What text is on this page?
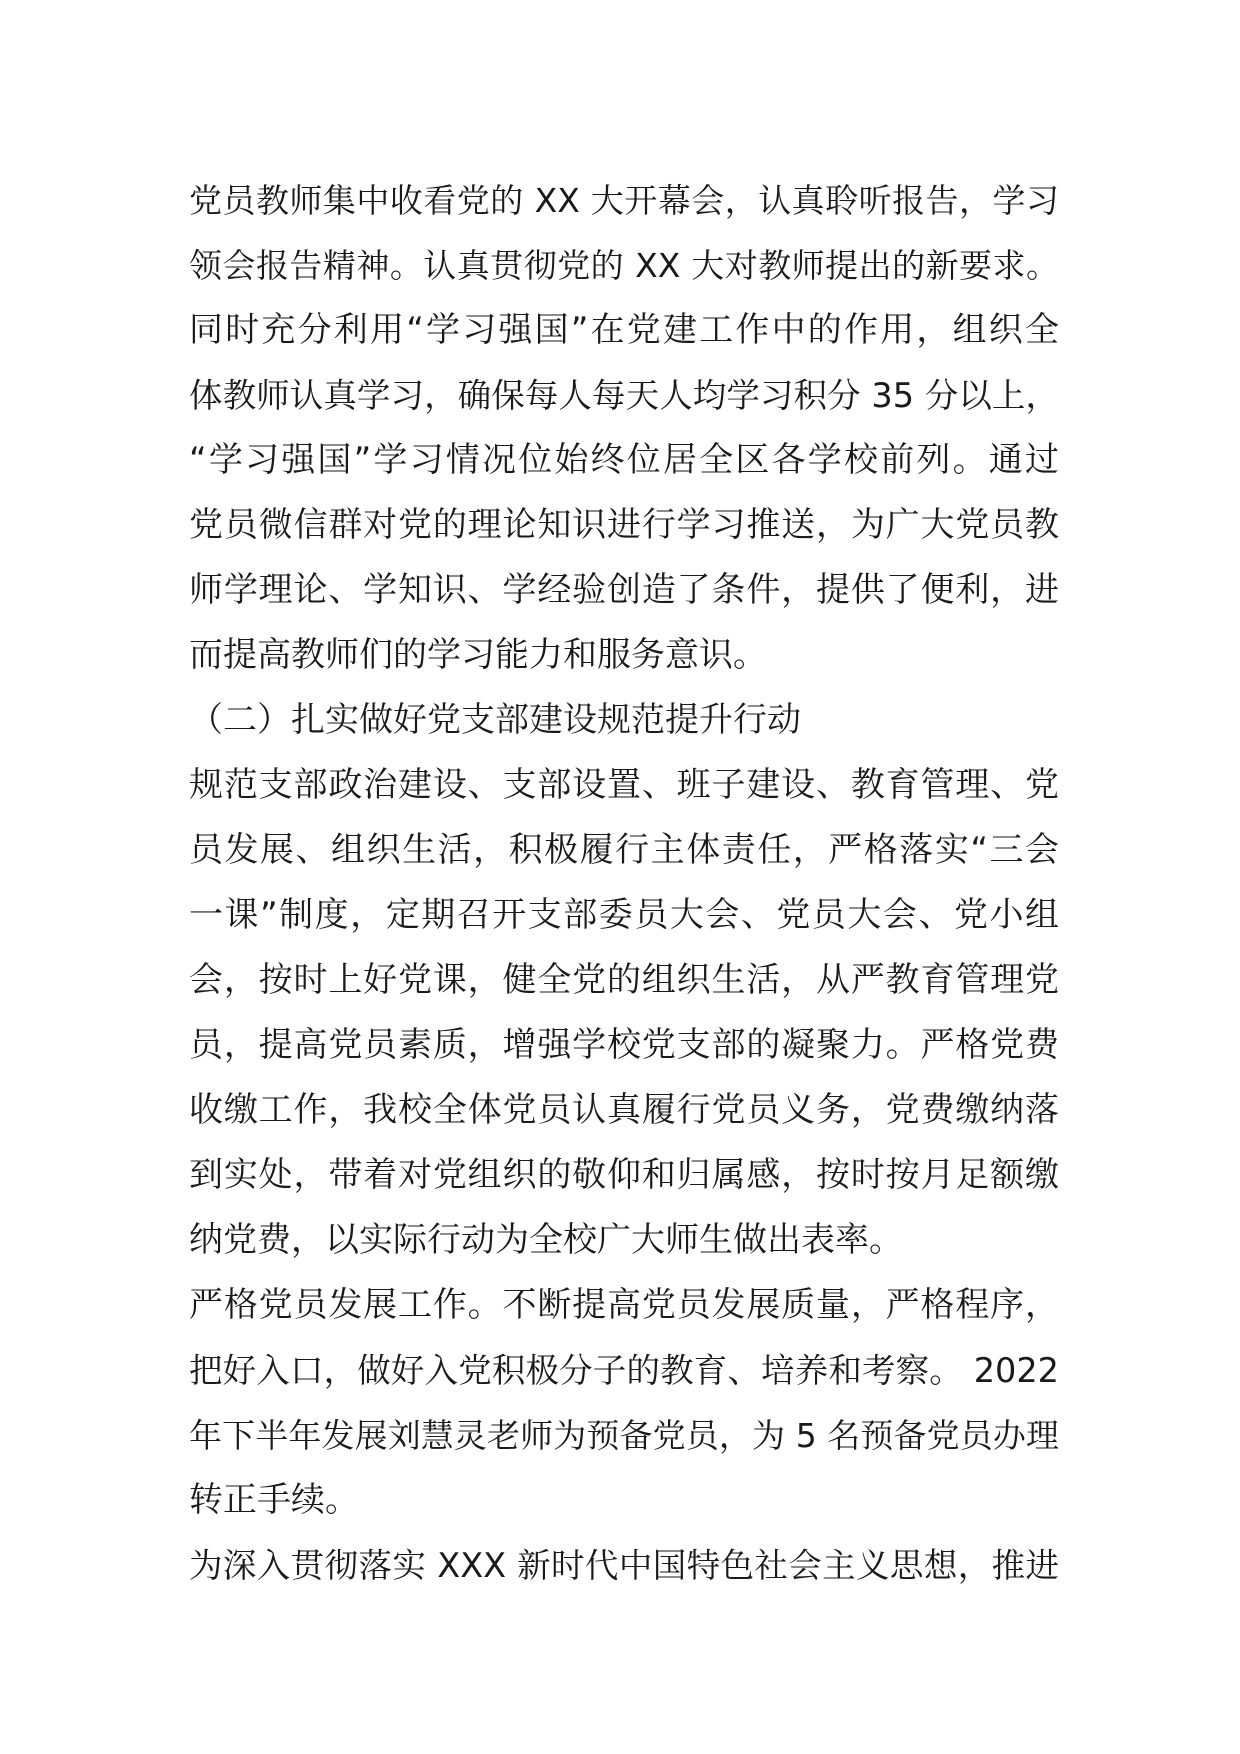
党员教师集中收看党的 XX 大开幕会，认真聆听报告，学习
领会报告精神。认真贯彻党的 XX 大对教师提出的新要求。
同时充分利用“学习强国”在党建工作中的作用，组织全
体教师认真学习，确保每人每天人均学习积分 35 分以上，
“学习强国”学习情况位始终位居全区各学校前列。通过
党员微信群对党的理论知识进行学习推送，为广大党员教
师学理论、学知识、学经验创造了条件，提供了便利，进
而提高教师们的学习能力和服务意识。
（二）扎实做好党支部建设规范提升行动
规范支部政治建设、支部设置、班子建设、教育管理、党
员发展、组织生活，积极履行主体责任，严格落实“三会
一课”制度，定期召开支部委员大会、党员大会、党小组
会，按时上好党课，健全党的组织生活，从严教育管理党
员，提高党员素质，增强学校党支部的凝聚力。严格党费
收缴工作，我校全体党员认真履行党员义务，党费缴纳落
到实处，带着对党组织的敬仰和归属感，按时按月足额缴
纳党费，以实际行动为全校广大师生做出表率。
严格党员发展工作。不断提高党员发展质量，严格程序，
把好入口，做好入党积极分子的教育、培养和考察。 2022
年下半年发展刘慧灵老师为预备党员，为 5 名预备党员办理
转正手续。
为深入贯彻落实 XXX 新时代中国特色社会主义思想，推进
